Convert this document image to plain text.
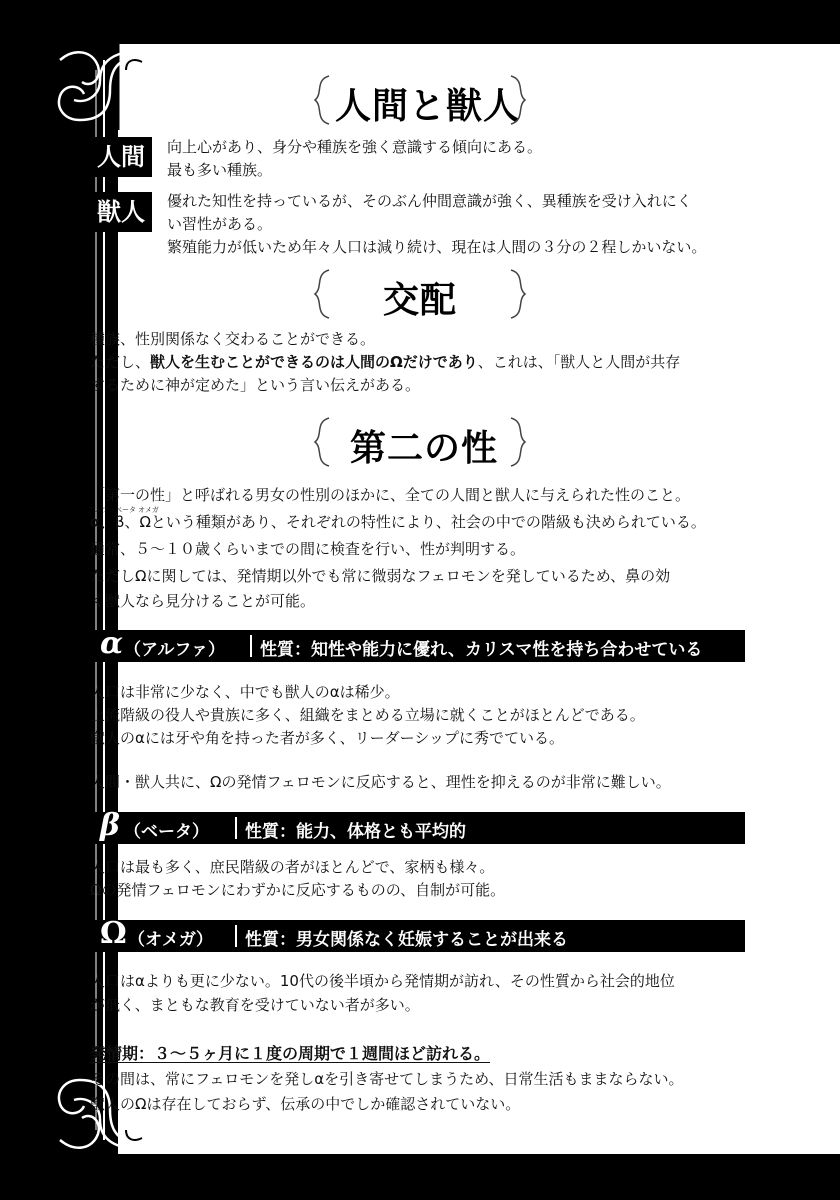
人間と獣人
人間	向上心があり、身分や種族を強く意識する傾向にある。
最も多い種族。
獣人	優れた知性を持っているが、そのぶん仲間意識が強く、異種族を受け入れにく
い習性がある。
繁殖能力が低いため年々人口は減り続け、現在は人間の３分の２程しかいない。
交配
種族、性別関係なく交わることができる。
ただし、獣人を生むことができるのは人間のΩだけであり、これは、「獣人と人間が共存
するために神が定めた」という言い伝えがある。
第二の性
「第一の性」と呼ばれる男女の性別のほかに、全ての人間と獣人に与えられた性のこと。
アルファ ベータ オメガ
α、β、Ωという種類があり、それぞれの特性により、社会の中での階級も決められている。
通常、５～１０歳くらいまでの間に検査を行い、性が判明する。
ただしΩに関しては、発情期以外でも常に微弱なフェロモンを発しているため、鼻の効
く獣人なら見分けることが可能。
α （アルファ） 性質：知性や能力に優れ、カリスマ性を持ち合わせている
人口は非常に少なく、中でも獣人のαは稀少。
上流階級の役人や貴族に多く、組織をまとめる立場に就くことがほとんどである。
獣人のαには牙や角を持った者が多く、リーダーシップに秀でている。
人間・獣人共に、Ωの発情フェロモンに反応すると、理性を抑えるのが非常に難しい。
β （ベータ） 性質：能力、体格とも平均的
人口は最も多く、庶民階級の者がほとんどで、家柄も様々。
Ωの発情フェロモンにわずかに反応するものの、自制が可能。
Ω （オメガ） 性質：男女関係なく妊娠することが出来る
人口はαよりも更に少ない。10代の後半頃から発情期が訪れ、その性質から社会的地位
が低く、まともな教育を受けていない者が多い。
発情期：３～５ヶ月に１度の周期で１週間ほど訪れる。
その間は、常にフェロモンを発しαを引き寄せてしまうため、日常生活もままならない。
獣人のΩは存在しておらず、伝承の中でしか確認されていない。
